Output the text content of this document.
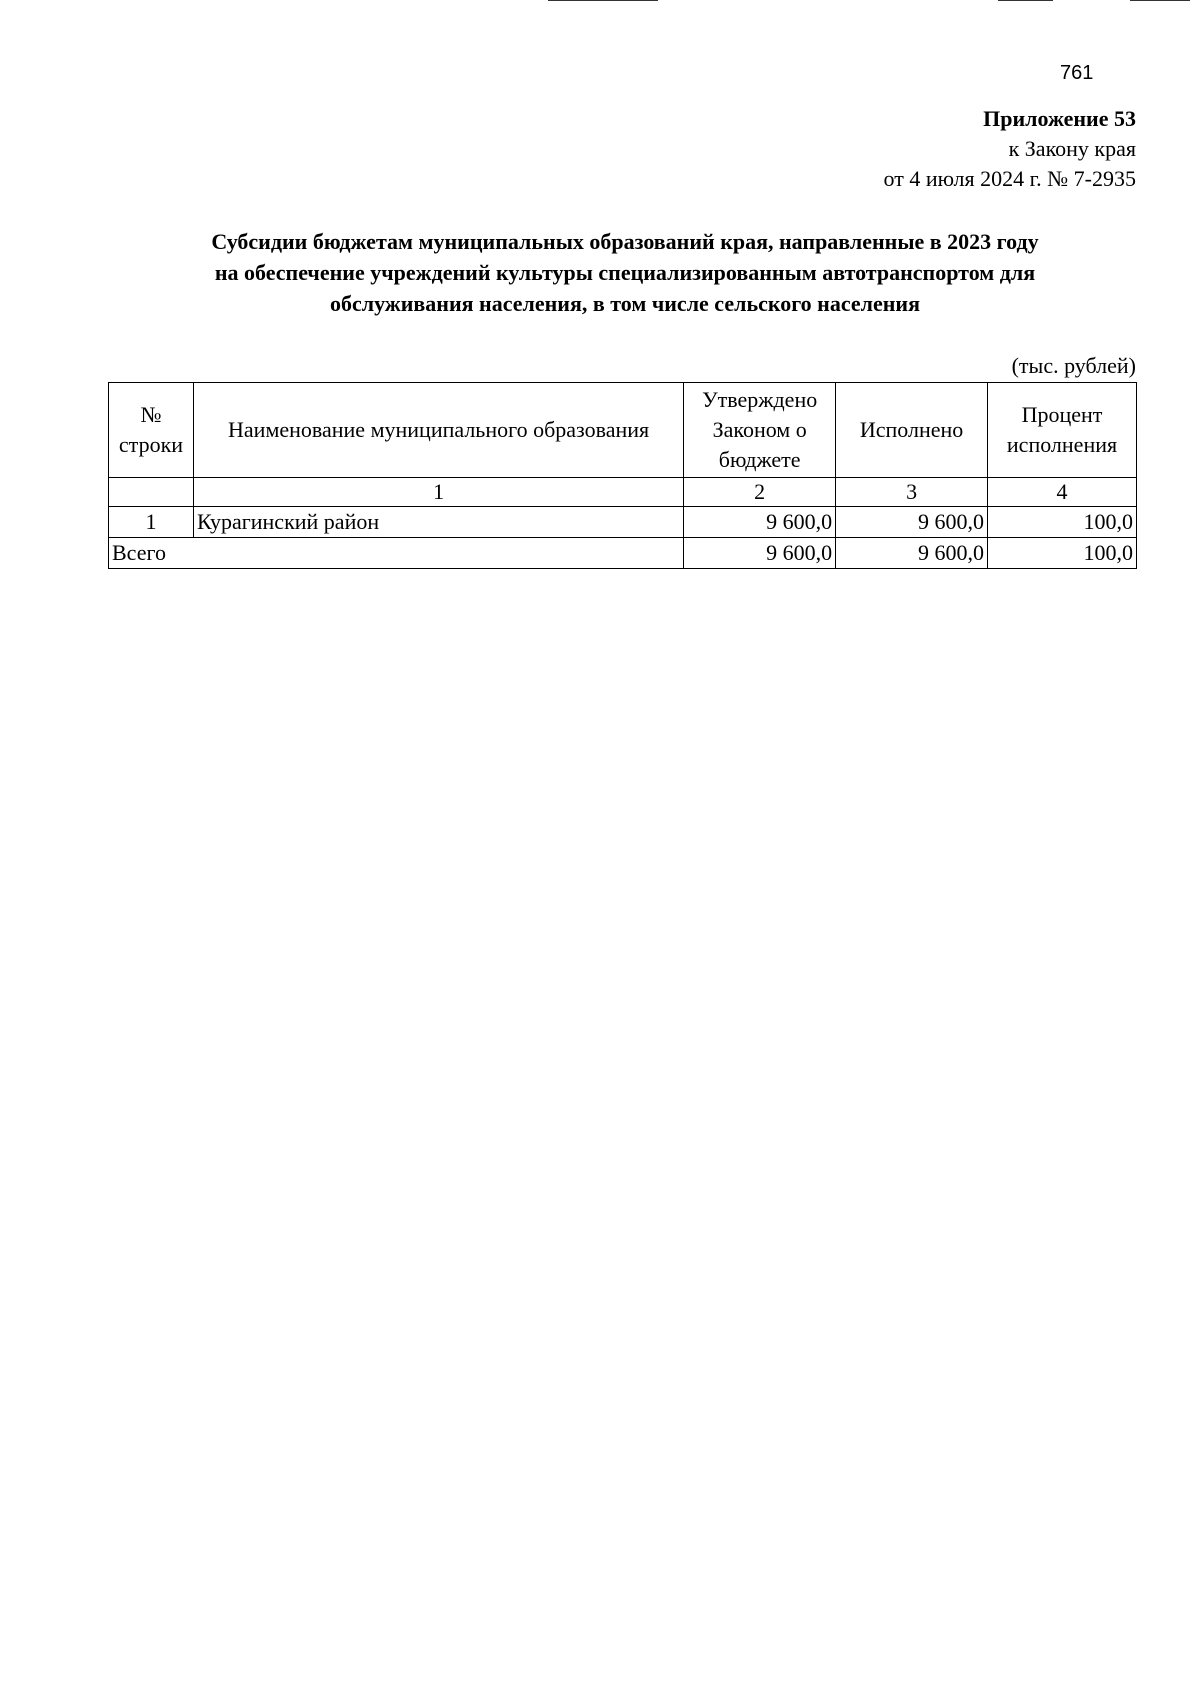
761
Приложение 53
к Закону края
от 4 июля 2024 г. № 7-2935
Субсидии бюджетам муниципальных образований края, направленные в 2023 году
на обеспечение учреждений культуры специализированным автотранспортом для
обслуживания населения, в том числе сельского населения
(тыс. рублей)
№ строки	Наименование муниципального образования	Утверждено Законом о бюджете	Исполнено	Процент исполнения
	1	2	3	4
1	Курагинский район	9 600,0	9 600,0	100,0
Всего		9 600,0	9 600,0	100,0
